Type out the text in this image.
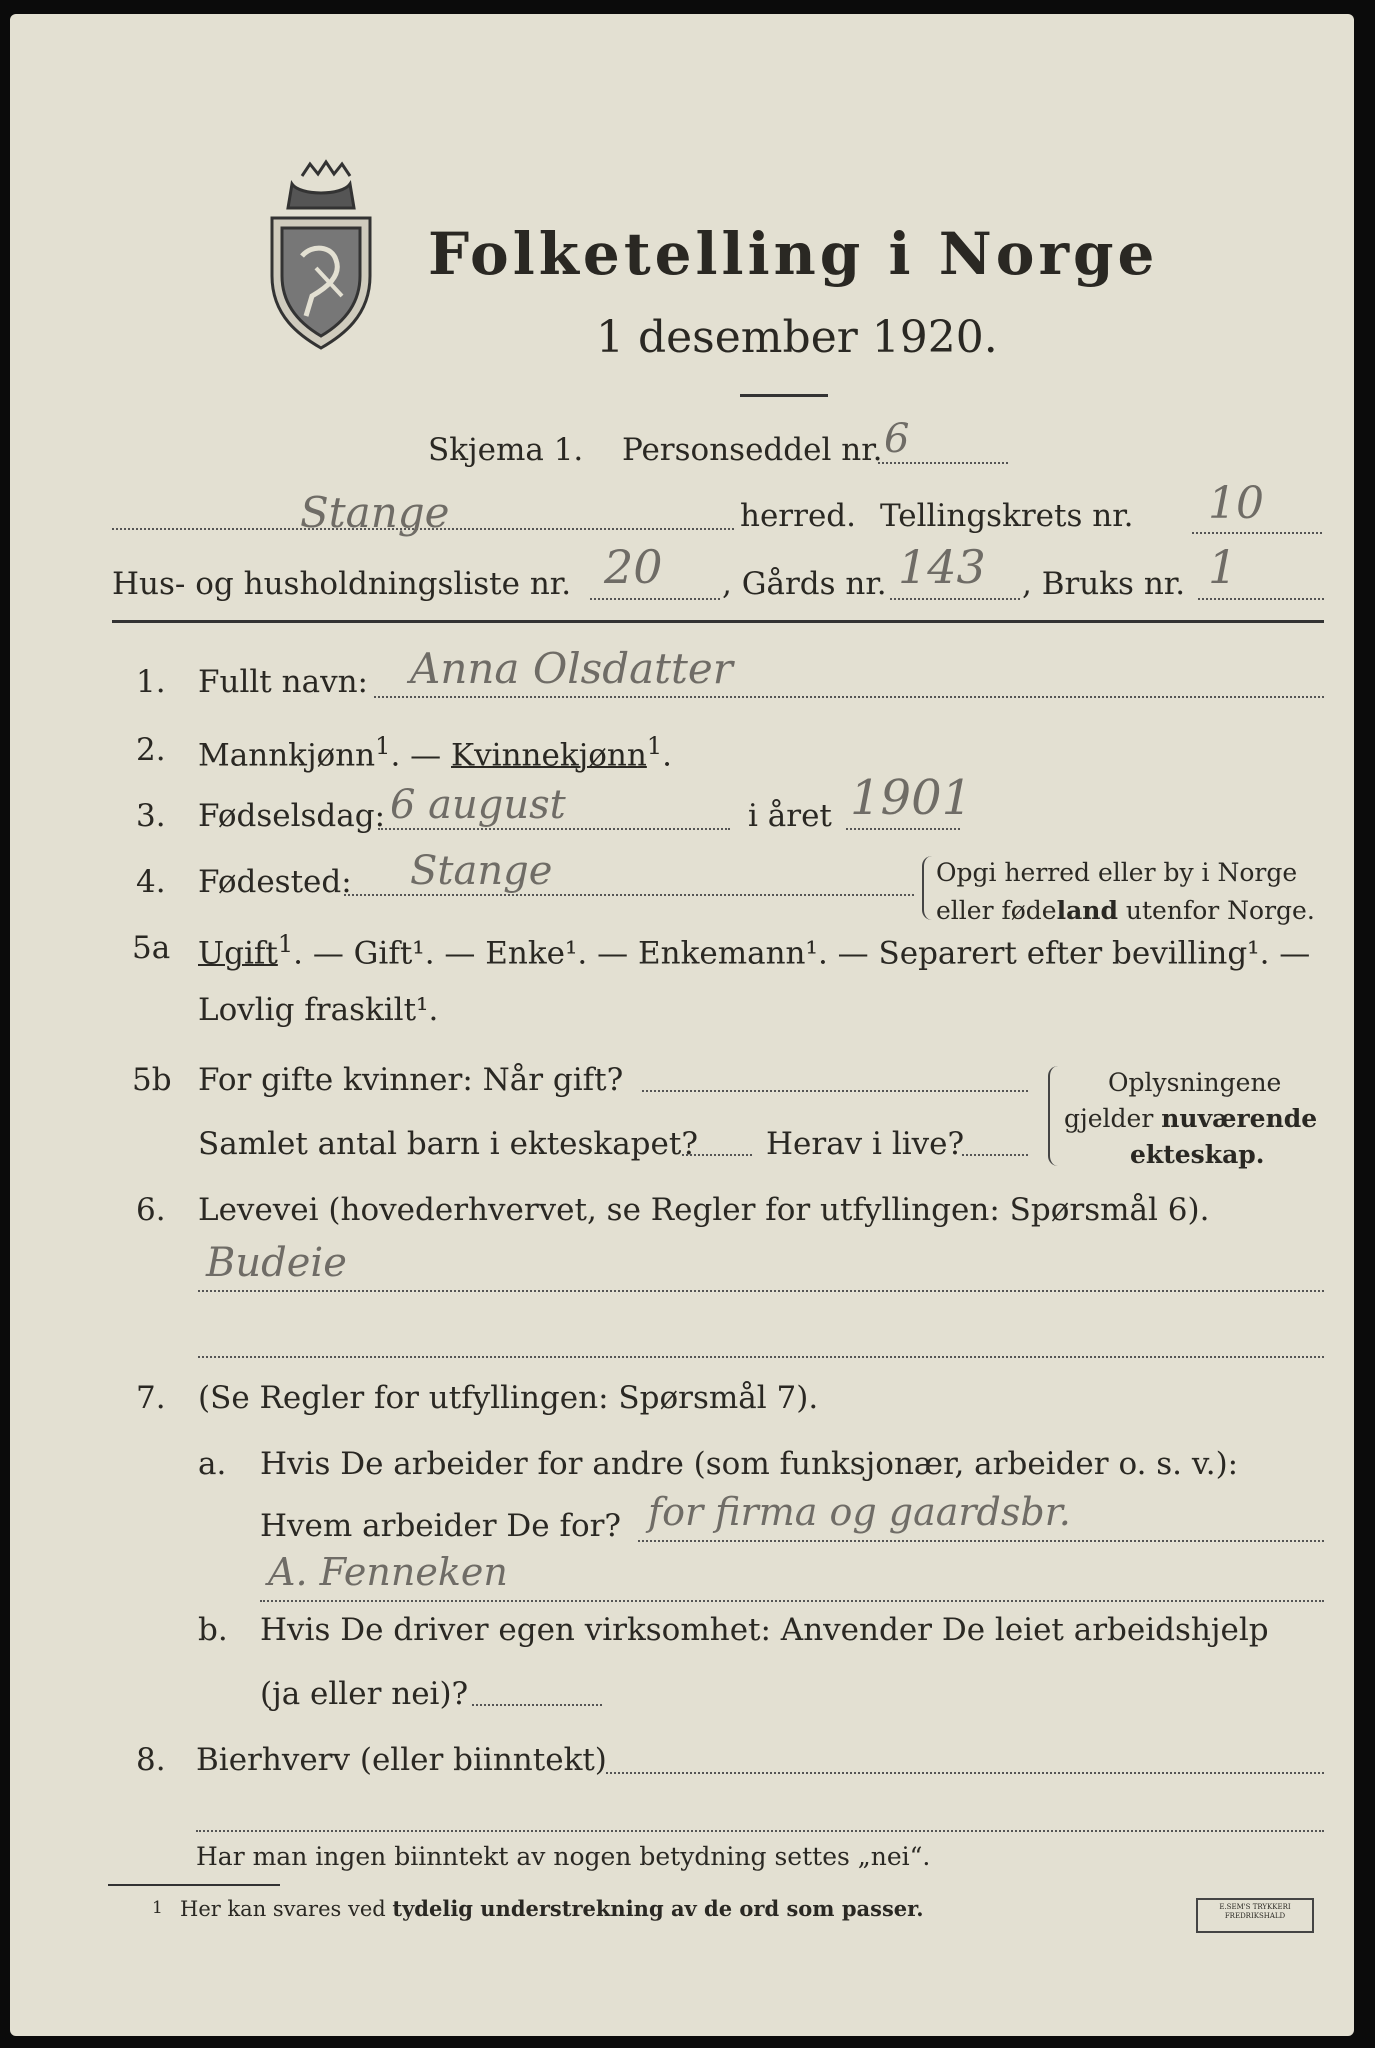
Folketelling i Norge
1 desember 1920.
Skjema 1. Personseddel nr. 6
Stange	herred. Tellingskrets nr. 10
Hus- og husholdningsliste nr. 20 , Gårds nr. 143 , Bruks nr. 1
1. Fullt navn: Anna Olsdatter
2. Mannkjønn$^1$. — Kvinnekjønn$^1$.
3. Fødselsdag: 6 august	i året 1901
4. Fødested: Stange	Opgi herred eller by i Norge
eller fødeland utenfor Norge.
5a Ugift$^1$. — Gift¹. — Enke¹. — Enkemann¹. — Separert efter bevilling¹. —
Lovlig fraskilt¹.
5b For gifte kvinner: Når gift?
Samlet antal barn i ekteskapet? Herav i live?
Oplysningene
gjelder nuværende
ekteskap.
6. Levevei (hovederhvervet, se Regler for utfyllingen: Spørsmål 6).
Budeie
7. (Se Regler for utfyllingen: Spørsmål 7).
a. Hvis De arbeider for andre (som funksjonær, arbeider o. s. v.):
Hvem arbeider De for? for firma og gaardsbr.
A. Fenneken
b. Hvis De driver egen virksomhet: Anvender De leiet arbeidshjelp
(ja eller nei)?
8. Bierhverv (eller biinntekt)
Har man ingen biinntekt av nogen betydning settes „nei“.
1 Her kan svares ved tydelig understrekning av de ord som passer.	E.SEM'S TRYKKERI
FREDRIKSHALD
